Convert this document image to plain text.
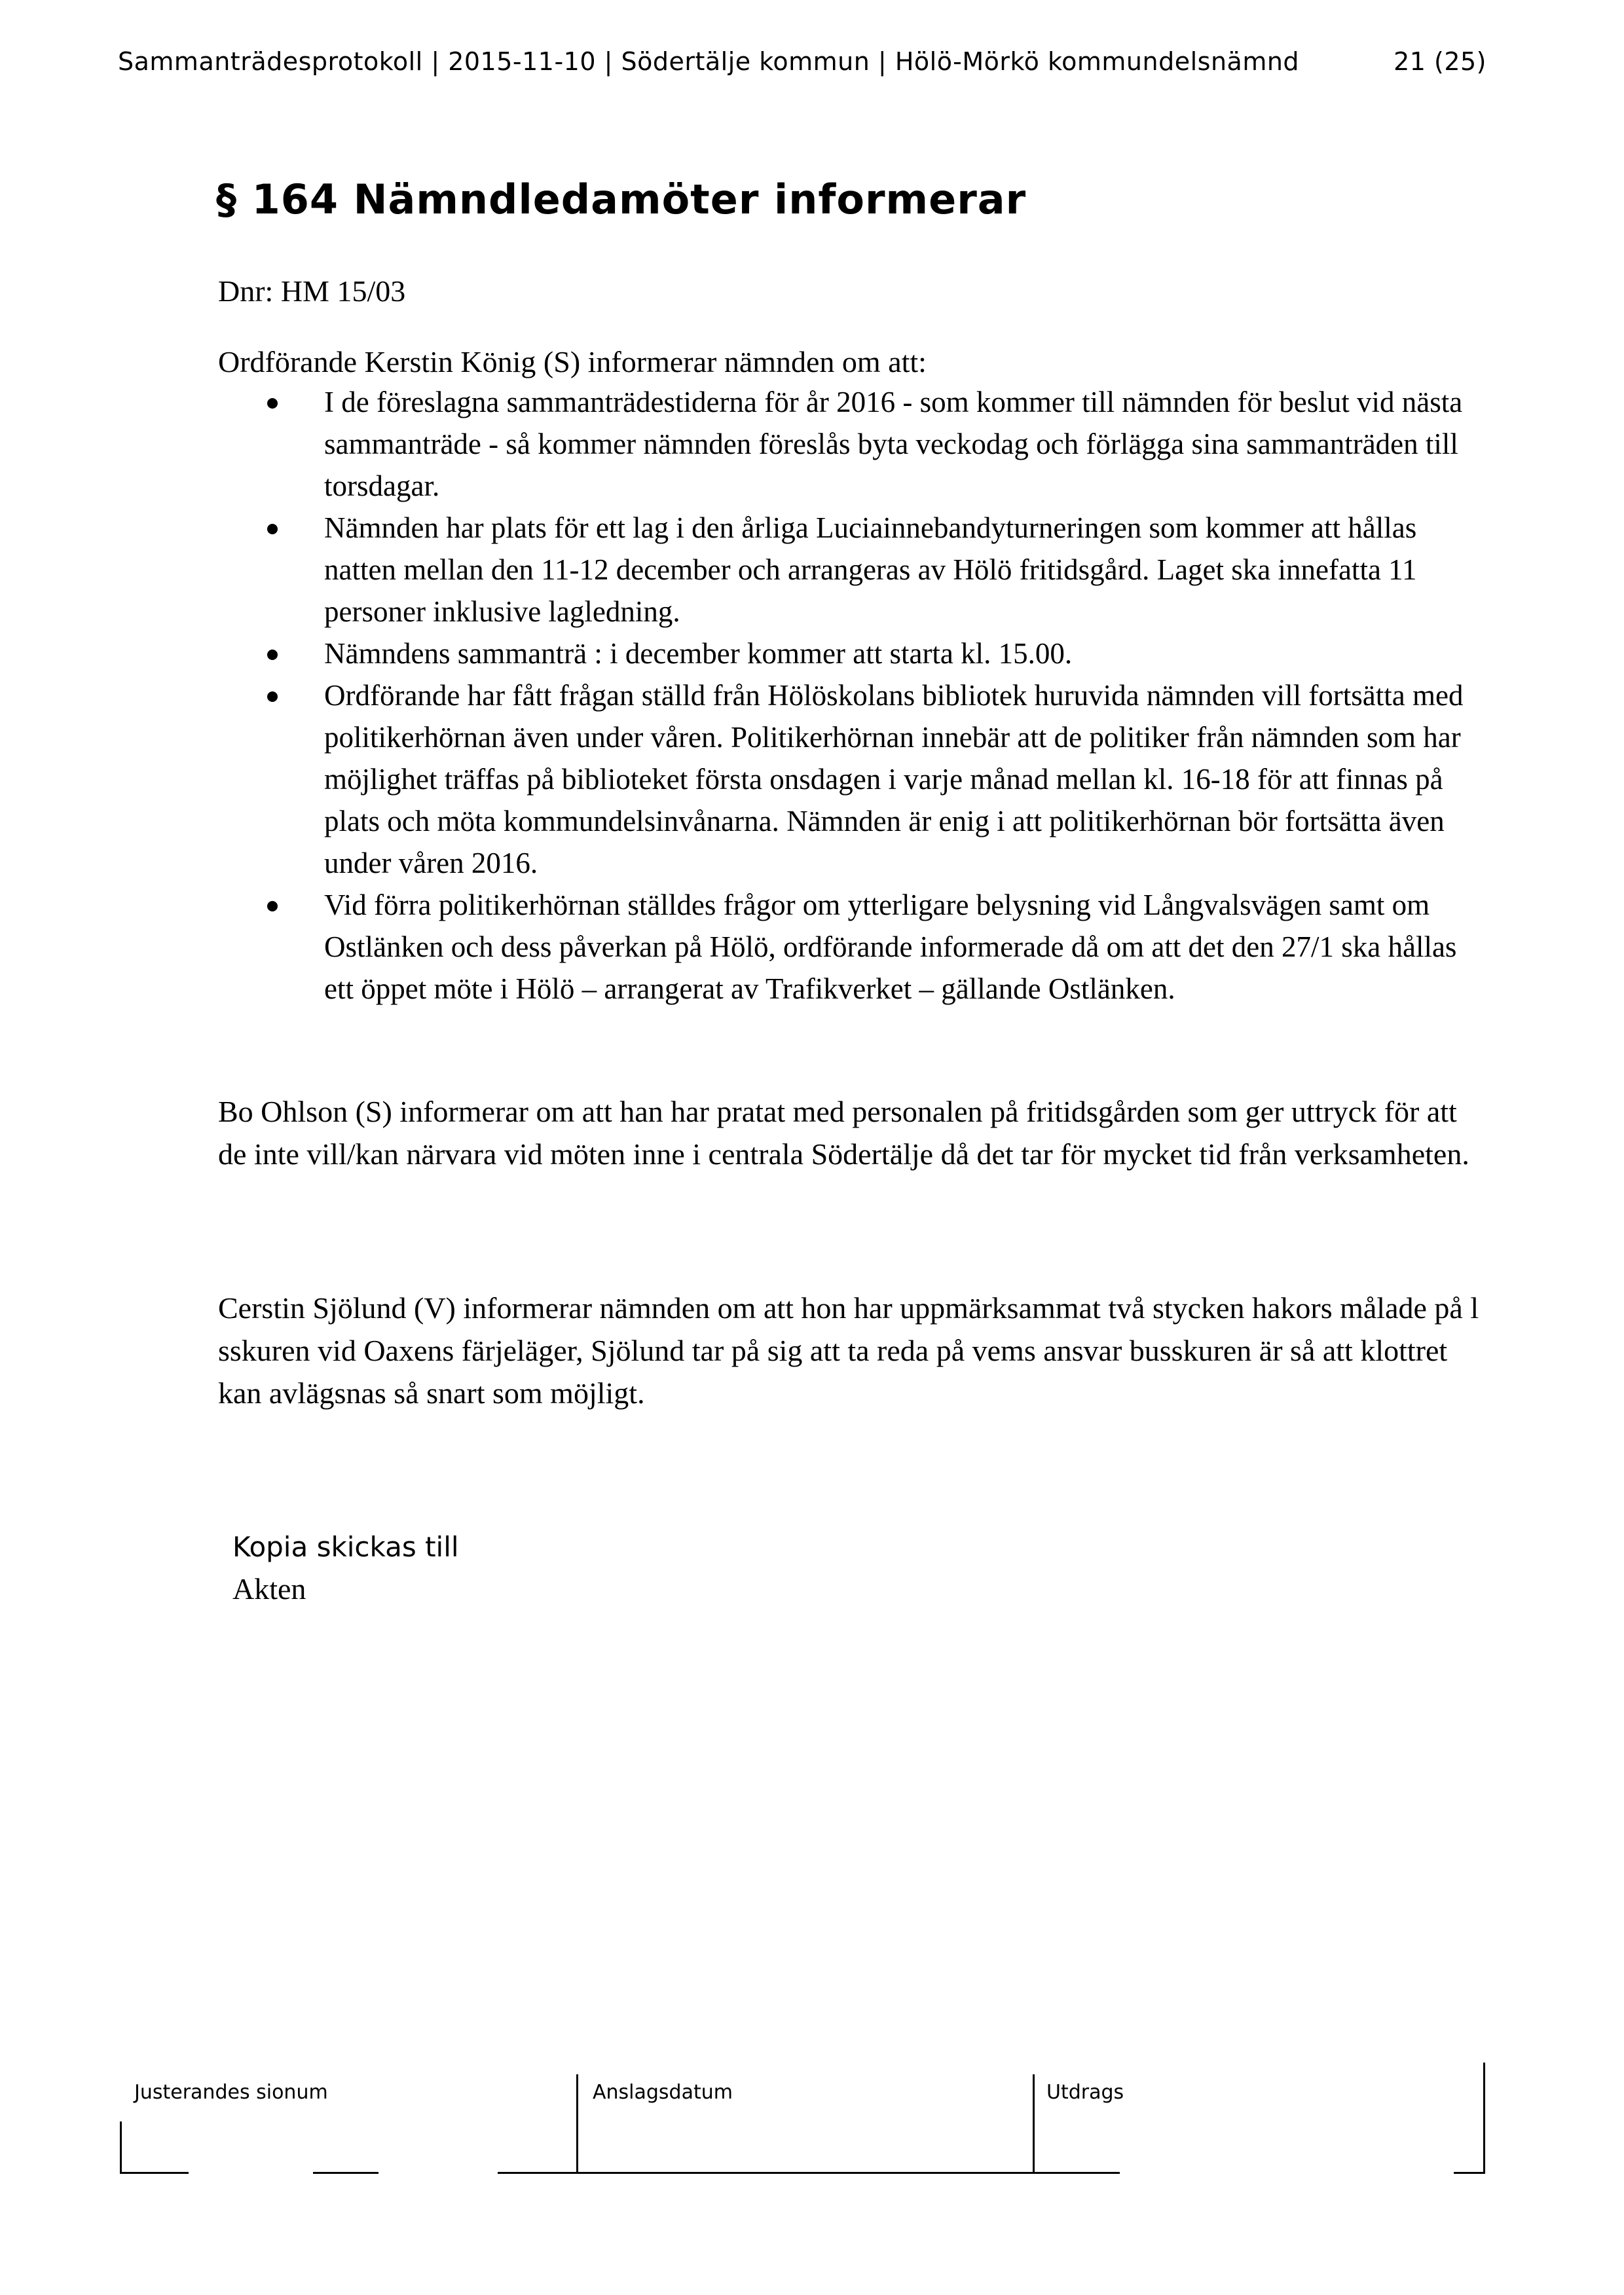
Sammanträdesprotokoll | 2015-11-10 | Södertälje kommun | Hölö-Mörkö kommundelsnämnd	21 (25)
§ 164 Nämndledamöter informerar
Dnr: HM 15/03
Ordförande Kerstin König (S) informerar nämnden om att:
I de föreslagna sammanträdestiderna för år 2016 - som kommer till nämnden för beslut vid nästa sammanträde - så kommer nämnden föreslås byta veckodag och förlägga sina sammanträden till torsdagar.
Nämnden har plats för ett lag i den årliga Luciainnebandyturneringen som kommer att hållas natten mellan den 11-12 december och arrangeras av Hölö fritidsgård. Laget ska innefatta 11 personer inklusive lagledning.
Nämndens sammanträ : i december kommer att starta kl. 15.00.
Ordförande har fått frågan ställd från Hölöskolans bibliotek huruvida nämnden vill fortsätta med politikerhörnan även under våren. Politikerhörnan innebär att de politiker från nämnden som har möjlighet träffas på biblioteket första onsdagen i varje månad mellan kl. 16-18 för att finnas på plats och möta kommundelsinvånarna. Nämnden är enig i att politikerhörnan bör fortsätta även under våren 2016.
Vid förra politikerhörnan ställdes frågor om ytterligare belysning vid Långvalsvägen samt om Ostlänken och dess påverkan på Hölö, ordförande informerade då om att det den 27/1 ska hållas ett öppet möte i Hölö – arrangerat av Trafikverket – gällande Ostlänken.
Bo Ohlson (S) informerar om att han har pratat med personalen på fritidsgården som ger uttryck för att de inte vill/kan närvara vid möten inne i centrala Södertälje då det tar för mycket tid från verksamheten.
Cerstin Sjölund (V) informerar nämnden om att hon har uppmärksammat två stycken hakors målade på l sskuren vid Oaxens färjeläger, Sjölund tar på sig att ta reda på vems ansvar busskuren är så att klottret kan avlägsnas så snart som möjligt.
Kopia skickas till
Akten
Justerandes sionum	Anslagsdatum	Utdrags
